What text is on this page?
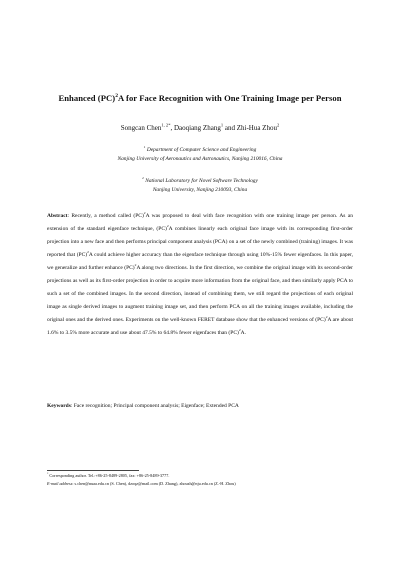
Enhanced (PC)$^2$A for Face Recognition with One Training Image per Person
Songcan Chen$^{1, 2*}$, Daoqiang Zhang$^1$ and Zhi-Hua Zhou$^2$
$^1$ Department of Computer Science and Engineering
Nanjing University of Aeronautics and Astronautics, Nanjing 210016, China
$^2$ National Laboratory for Novel Software Technology
Nanjing University, Nanjing 210093, China
Abstract: Recently, a method called (PC)$^2$A was proposed to deal with face recognition with one training image per person. As an extension of the standard eigenface technique, (PC)$^2$A combines linearly each original face image with its corresponding first-order projection into a new face and then performs principal component analysis (PCA) on a set of the newly combined (training) images. It was reported that (PC)$^2$A could achieve higher accuracy than the eigenface technique through using 10%-15% fewer eigenfaces. In this paper, we generalize and further enhance (PC)$^2$A along two directions. In the first direction, we combine the original image with its second-order projections as well as its first-order projection in order to acquire more information from the original face, and then similarly apply PCA to such a set of the combined images. In the second direction, instead of combining them, we still regard the projections of each original image as single derived images to augment training image set, and then perform PCA on all the training images available, including the original ones and the derived ones. Experiments on the well-known FERET database show that the enhanced versions of (PC)$^2$A are about 1.6% to 3.5% more accurate and use about 47.5% to 64.8% fewer eigenfaces than (PC)$^2$A.
Keywords: Face recognition; Principal component analysis; Eigenface; Extended PCA
* Corresponding author. Tel.:+86-25-8489-2805, fax: +86-25-8489-3777.
E-mail address: s.chen@nuaa.edu.cn (S. Chen), dzoqz@mail.com (D. Zhang), zhouzh@nju.edu.cn (Z.-H. Zhou)
